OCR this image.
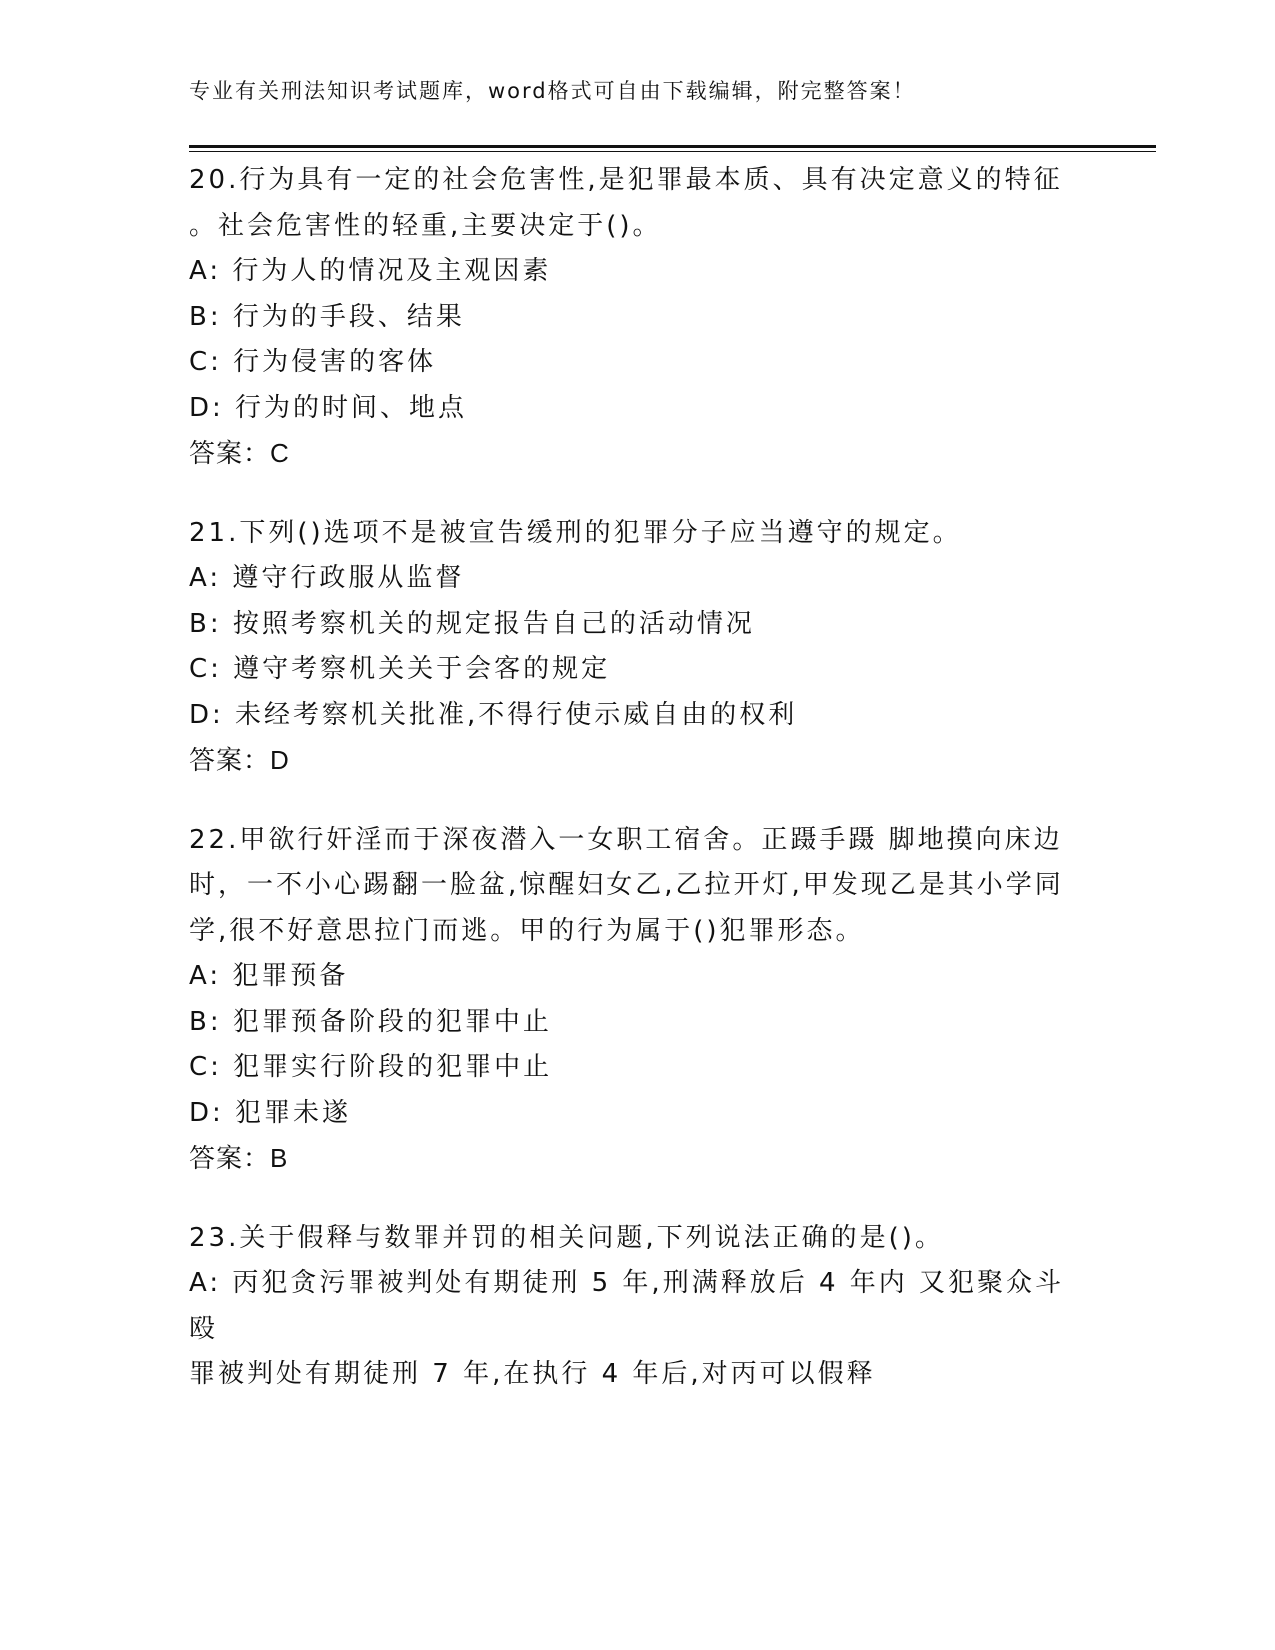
专业有关刑法知识考试题库，word格式可自由下载编辑，附完整答案！
20.行为具有一定的社会危害性,是犯罪最本质、具有决定意义的特征
。社会危害性的轻重,主要决定于()。
A: 行为人的情况及主观因素
B: 行为的手段、结果
C: 行为侵害的客体
D: 行为的时间、地点
答案：C
21.下列()选项不是被宣告缓刑的犯罪分子应当遵守的规定。
A: 遵守行政服从监督
B: 按照考察机关的规定报告自己的活动情况
C: 遵守考察机关关于会客的规定
D: 未经考察机关批准,不得行使示威自由的权利
答案：D
22.甲欲行奸淫而于深夜潜入一女职工宿舍。正蹑手蹑 脚地摸向床边
时，一不小心踢翻一脸盆,惊醒妇女乙,乙拉开灯,甲发现乙是其小学同
学,很不好意思拉门而逃。甲的行为属于()犯罪形态。
A: 犯罪预备
B: 犯罪预备阶段的犯罪中止
C: 犯罪实行阶段的犯罪中止
D: 犯罪未遂
答案：B
23.关于假释与数罪并罚的相关问题,下列说法正确的是()。
A: 丙犯贪污罪被判处有期徒刑 5 年,刑满释放后 4 年内 又犯聚众斗殴
罪被判处有期徒刑 7 年,在执行 4 年后,对丙可以假释
